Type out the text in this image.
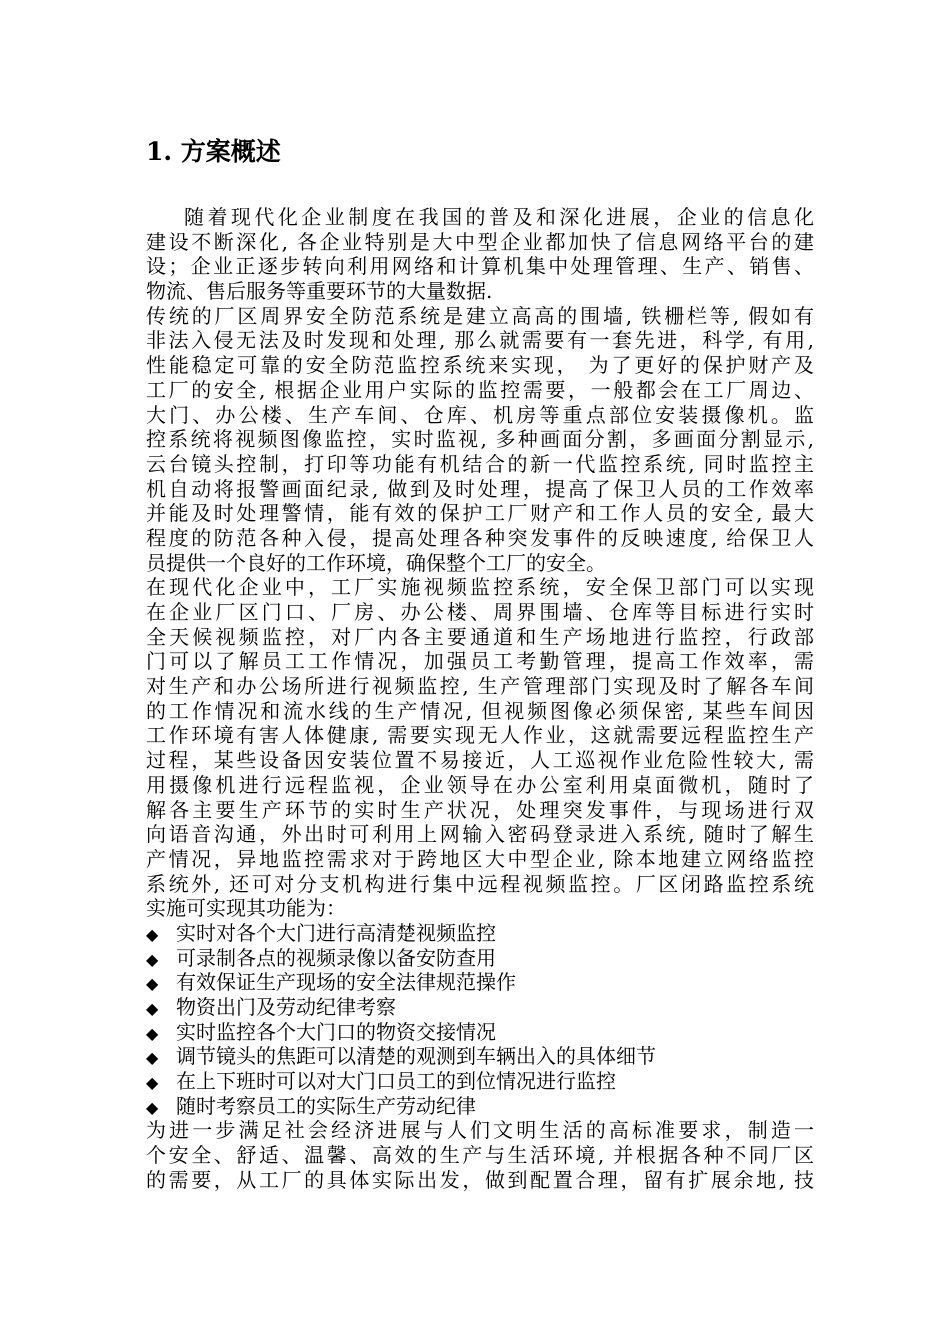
1. 方案概述
随着现代化企业制度在我国的普及和深化进展，企业的信息化
建设不断深化, 各企业特别是大中型企业都加快了信息网络平台的建
设；企业正逐步转向利用网络和计算机集中处理管理、生产、销售、
物流、售后服务等重要环节的大量数据.
传统的厂区周界安全防范系统是建立高高的围墙, 铁栅栏等, 假如有
非法入侵无法及时发现和处理, 那么就需要有一套先进，科学, 有用,
性能稳定可靠的安全防范监控系统来实现， 为了更好的保护财产及
工厂的安全, 根据企业用户实际的监控需要，一般都会在工厂周边、
大门、办公楼、生产车间、仓库、机房等重点部位安装摄像机。监
控系统将视频图像监控，实时监视, 多种画面分割，多画面分割显示,
云台镜头控制，打印等功能有机结合的新一代监控系统, 同时监控主
机自动将报警画面纪录, 做到及时处理，提高了保卫人员的工作效率
并能及时处理警情，能有效的保护工厂财产和工作人员的安全, 最大
程度的防范各种入侵，提高处理各种突发事件的反映速度, 给保卫人
员提供一个良好的工作环境，确保整个工厂的安全。
在现代化企业中，工厂实施视频监控系统，安全保卫部门可以实现
在企业厂区门口、厂房、办公楼、周界围墙、仓库等目标进行实时
全天候视频监控，对厂内各主要通道和生产场地进行监控，行政部
门可以了解员工工作情况，加强员工考勤管理，提高工作效率，需
对生产和办公场所进行视频监控, 生产管理部门实现及时了解各车间
的工作情况和流水线的生产情况, 但视频图像必须保密, 某些车间因
工作环境有害人体健康, 需要实现无人作业，这就需要远程监控生产
过程，某些设备因安装位置不易接近，人工巡视作业危险性较大, 需
用摄像机进行远程监视，企业领导在办公室利用桌面微机，随时了
解各主要生产环节的实时生产状况，处理突发事件，与现场进行双
向语音沟通，外出时可利用上网输入密码登录进入系统, 随时了解生
产情况，异地监控需求对于跨地区大中型企业, 除本地建立网络监控
系统外, 还可对分支机构进行集中远程视频监控。厂区闭路监控系统
实施可实现其功能为：
◆ 实时对各个大门进行高清楚视频监控
◆ 可录制各点的视频录像以备安防查用
◆ 有效保证生产现场的安全法律规范操作
◆ 物资出门及劳动纪律考察
◆ 实时监控各个大门口的物资交接情况
◆ 调节镜头的焦距可以清楚的观测到车辆出入的具体细节
◆ 在上下班时可以对大门口员工的到位情况进行监控
◆ 随时考察员工的实际生产劳动纪律
为进一步满足社会经济进展与人们文明生活的高标准要求，制造一
个安全、舒适、温馨、高效的生产与生活环境, 并根据各种不同厂区
的需要，从工厂的具体实际出发，做到配置合理，留有扩展余地, 技
